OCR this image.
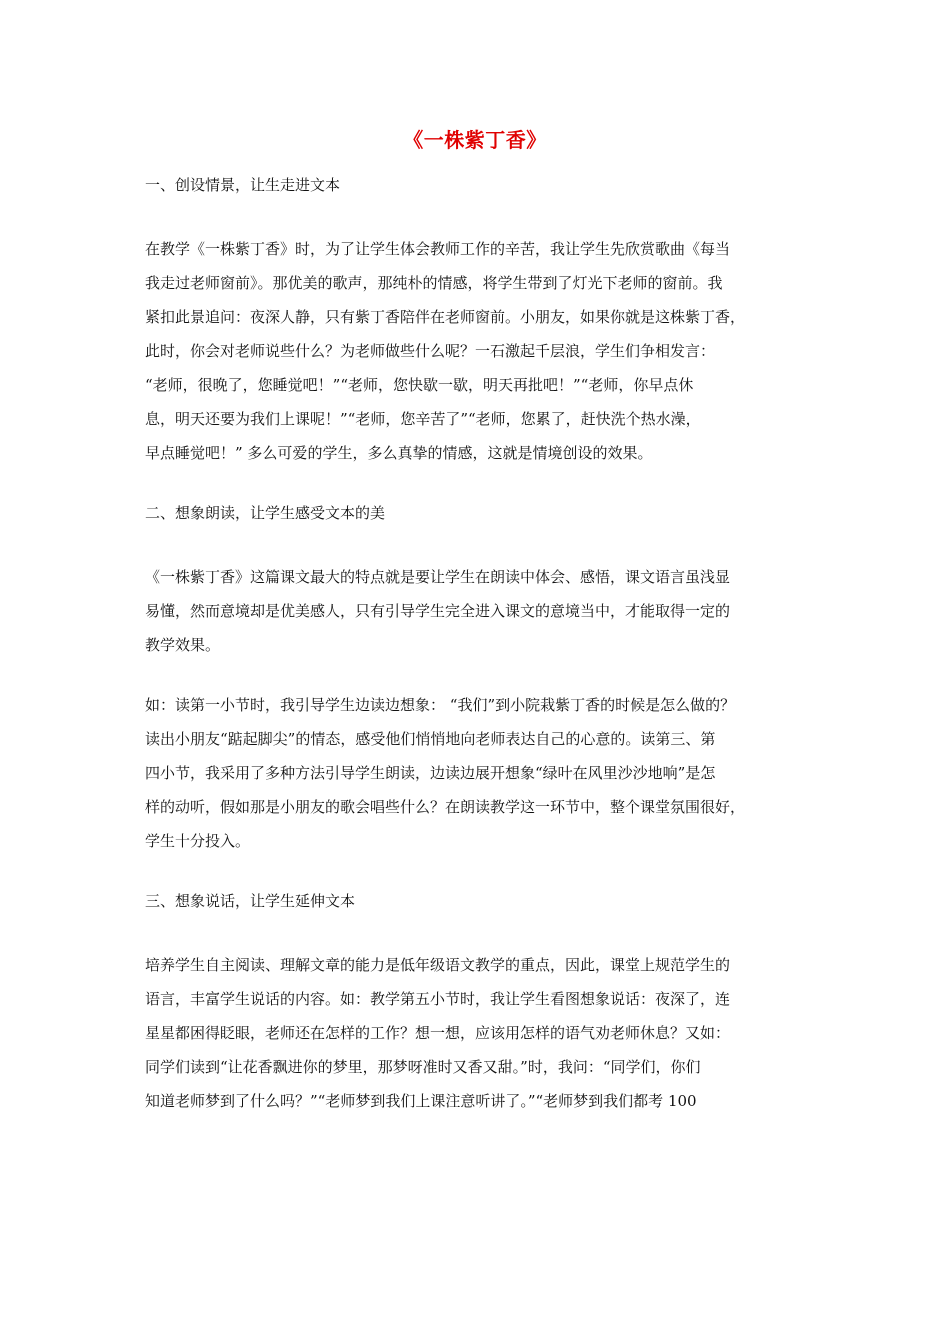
《一株紫丁香》
一、创设情景，让生走进文本
在教学《一株紫丁香》时，为了让学生体会教师工作的辛苦，我让学生先欣赏歌曲《每当
我走过老师窗前》。那优美的歌声，那纯朴的情感，将学生带到了灯光下老师的窗前。我
紧扣此景追问：夜深人静，只有紫丁香陪伴在老师窗前。小朋友，如果你就是这株紫丁香，
此时，你会对老师说些什么？为老师做些什么呢？一石激起千层浪，学生们争相发言：
“老师，很晚了，您睡觉吧！”“老师，您快歇一歇，明天再批吧！”“老师，你早点休
息，明天还要为我们上课呢！”“老师，您辛苦了”“老师，您累了，赶快洗个热水澡，
早点睡觉吧！” 多么可爱的学生，多么真挚的情感，这就是情境创设的效果。
二、想象朗读，让学生感受文本的美
《一株紫丁香》这篇课文最大的特点就是要让学生在朗读中体会、感悟，课文语言虽浅显
易懂，然而意境却是优美感人，只有引导学生完全进入课文的意境当中，才能取得一定的
教学效果。
如：读第一小节时，我引导学生边读边想象： “我们”到小院栽紫丁香的时候是怎么做的？
读出小朋友“踮起脚尖”的情态，感受他们悄悄地向老师表达自己的心意的。读第三、第
四小节，我采用了多种方法引导学生朗读，边读边展开想象“绿叶在风里沙沙地响”是怎
样的动听，假如那是小朋友的歌会唱些什么？在朗读教学这一环节中，整个课堂氛围很好，
学生十分投入。
三、想象说话，让学生延伸文本
培养学生自主阅读、理解文章的能力是低年级语文教学的重点，因此，课堂上规范学生的
语言，丰富学生说话的内容。如：教学第五小节时，我让学生看图想象说话：夜深了，连
星星都困得眨眼，老师还在怎样的工作？想一想，应该用怎样的语气劝老师休息？又如：
同学们读到“让花香飘进你的梦里，那梦呀准时又香又甜。”时，我问：“同学们，你们
知道老师梦到了什么吗？”“老师梦到我们上课注意听讲了。”“老师梦到我们都考 100
